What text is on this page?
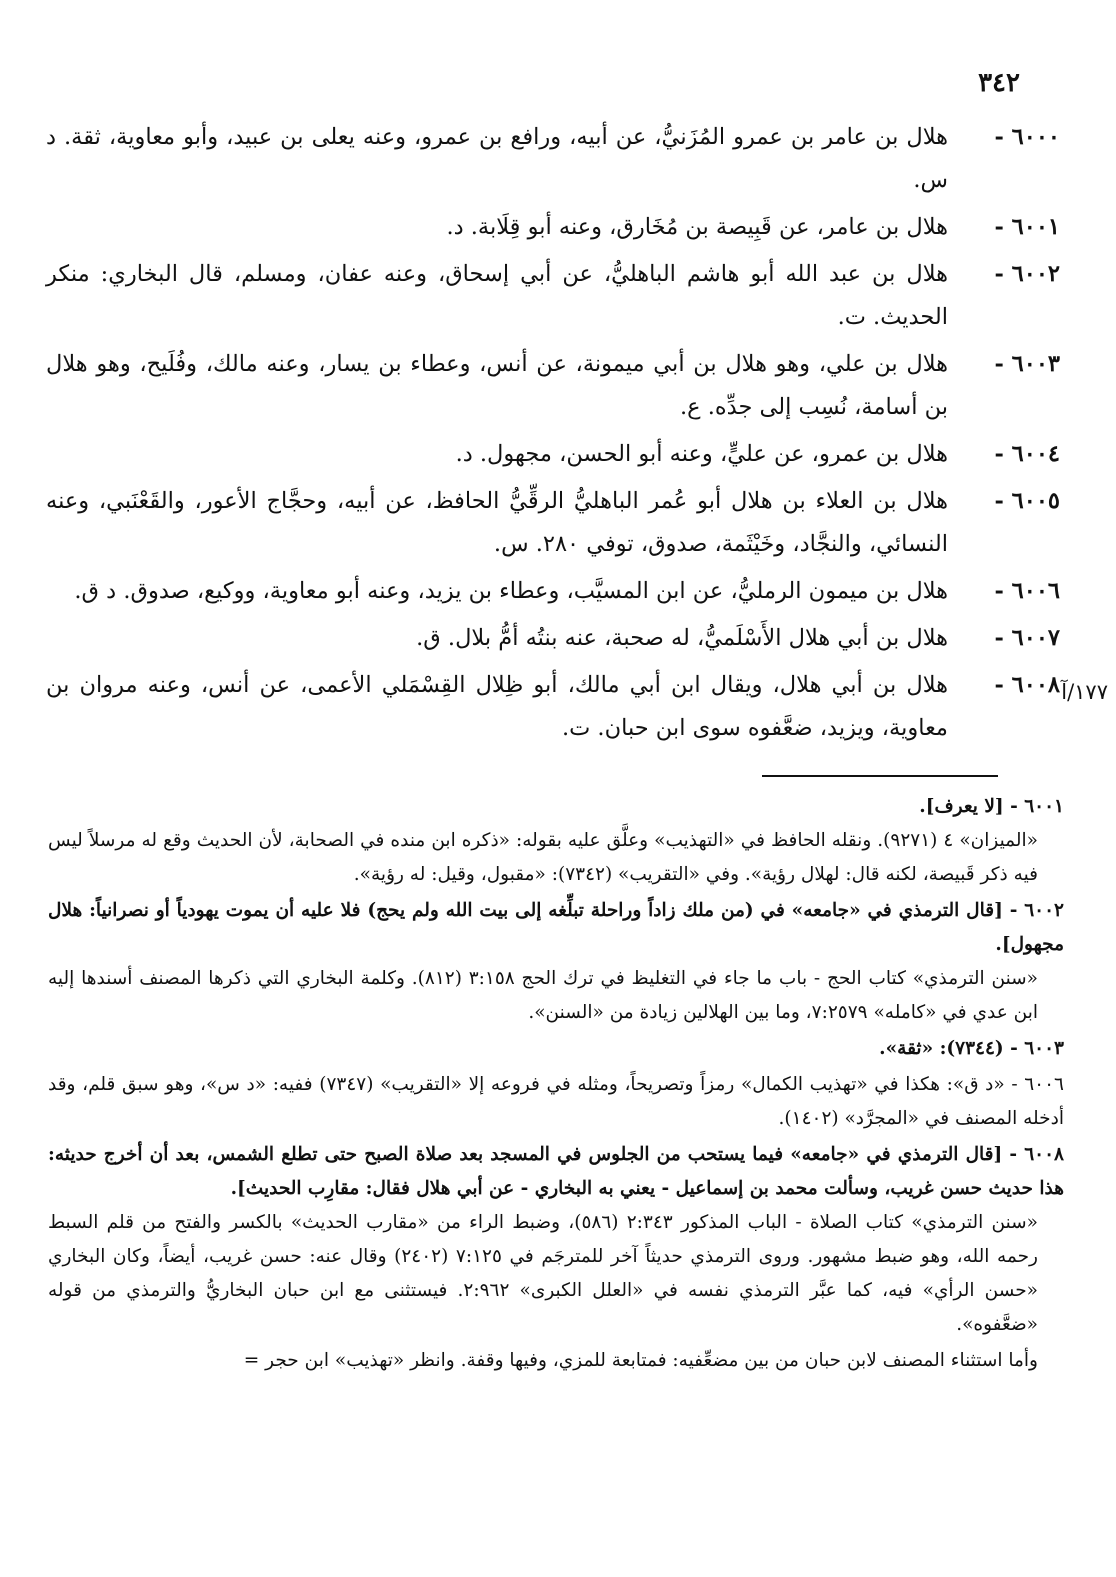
٣٤٢
١٧٧/آ
٦٠٠٠ -
هلال بن عامر بن عمرو المُزَنيُّ، عن أبيه، ورافع بن عمرو، وعنه يعلى بن عبيد، وأبو معاوية، ثقة. د س.
٦٠٠١ -
هلال بن عامر، عن قَبِيصة بن مُخَارق، وعنه أبو قِلَابة. د.
٦٠٠٢ -
هلال بن عبد الله أبو هاشم الباهليُّ، عن أبي إسحاق، وعنه عفان، ومسلم، قال البخاري: منكر الحديث. ت.
٦٠٠٣ -
هلال بن علي، وهو هلال بن أبي ميمونة، عن أنس، وعطاء بن يسار، وعنه مالك، وفُلَيح، وهو هلال بن أسامة، نُسِب إلى جدِّه. ع.
٦٠٠٤ -
هلال بن عمرو، عن عليٍّ، وعنه أبو الحسن، مجهول. د.
٦٠٠٥ -
هلال بن العلاء بن هلال أبو عُمر الباهليُّ الرقِّيُّ الحافظ، عن أبيه، وحجَّاج الأعور، والقَعْنَبي، وعنه النسائي، والنجَّاد، وخَيْثَمة، صدوق، توفي ٢٨٠. س.
٦٠٠٦ -
هلال بن ميمون الرمليُّ، عن ابن المسيَّب، وعطاء بن يزيد، وعنه أبو معاوية، ووكيع، صدوق. د ق.
٦٠٠٧ -
هلال بن أبي هلال الأَسْلَميُّ، له صحبة، عنه بنتُه أمُّ بلال. ق.
٦٠٠٨ -
هلال بن أبي هلال، ويقال ابن أبي مالك، أبو ظِلال القِسْمَلي الأعمى، عن أنس، وعنه مروان بن معاوية، ويزيد، ضعَّفوه سوى ابن حبان. ت.
٦٠٠١ - [لا يعرف].
«الميزان» ٤ (٩٢٧١). ونقله الحافظ في «التهذيب» وعلَّق عليه بقوله: «ذكره ابن منده في الصحابة، لأن الحديث وقع له مرسلاً ليس فيه ذكر قَبيصة، لكنه قال: لهلال رؤية». وفي «التقريب» (٧٣٤٢): «مقبول، وقيل: له رؤية».
٦٠٠٢ - [قال الترمذي في «جامعه» في (من ملك زاداً وراحلة تبلِّغه إلى بيت الله ولم يحج) فلا عليه أن يموت يهودياً أو نصرانياً: هلال مجهول].
«سنن الترمذي» كتاب الحج - باب ما جاء في التغليظ في ترك الحج ٣:١٥٨ (٨١٢). وكلمة البخاري التي ذكرها المصنف أسندها إليه ابن عدي في «كامله» ٧:٢٥٧٩، وما بين الهلالين زيادة من «السنن».
٦٠٠٣ - (٧٣٤٤): «ثقة».
٦٠٠٦ - «د ق»: هكذا في «تهذيب الكمال» رمزاً وتصريحاً، ومثله في فروعه إلا «التقريب» (٧٣٤٧) ففيه: «د س»، وهو سبق قلم، وقد أدخله المصنف في «المجرَّد» (١٤٠٢).
٦٠٠٨ - [قال الترمذي في «جامعه» فيما يستحب من الجلوس في المسجد بعد صلاة الصبح حتى تطلع الشمس، بعد أن أخرج حديثه: هذا حديث حسن غريب، وسألت محمد بن إسماعيل - يعني به البخاري - عن أبي هلال فقال: مقارِب الحديث].
«سنن الترمذي» كتاب الصلاة - الباب المذكور ٢:٣٤٣ (٥٨٦)، وضبط الراء من «مقارب الحديث» بالكسر والفتح من قلم السبط رحمه الله، وهو ضبط مشهور. وروى الترمذي حديثاً آخر للمترجَم في ٧:١٢٥ (٢٤٠٢) وقال عنه: حسن غريب، أيضاً، وكان البخاري «حسن الرأي» فيه، كما عبَّر الترمذي نفسه في «العلل الكبرى» ٢:٩٦٢. فيستثنى مع ابن حبان البخاريُّ والترمذي من قوله «ضعَّفوه».
وأما استثناء المصنف لابن حبان من بين مضعِّفيه: فمتابعة للمزي، وفيها وقفة. وانظر «تهذيب» ابن حجر =
